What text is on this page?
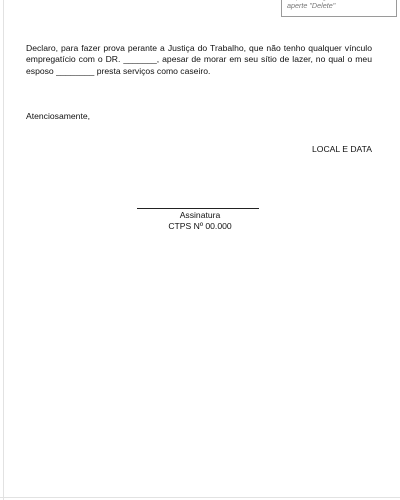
aperte "Delete"

Declaro, para fazer prova perante a Justiça do Trabalho, que não tenho qualquer vínculo empregatício com o DR. _______, apesar de morar em seu sítio de lazer, no qual o meu esposo ________ presta serviços como caseiro.

Atenciosamente,

LOCAL E DATA

Assinatura

CTPS Nº 00.000
